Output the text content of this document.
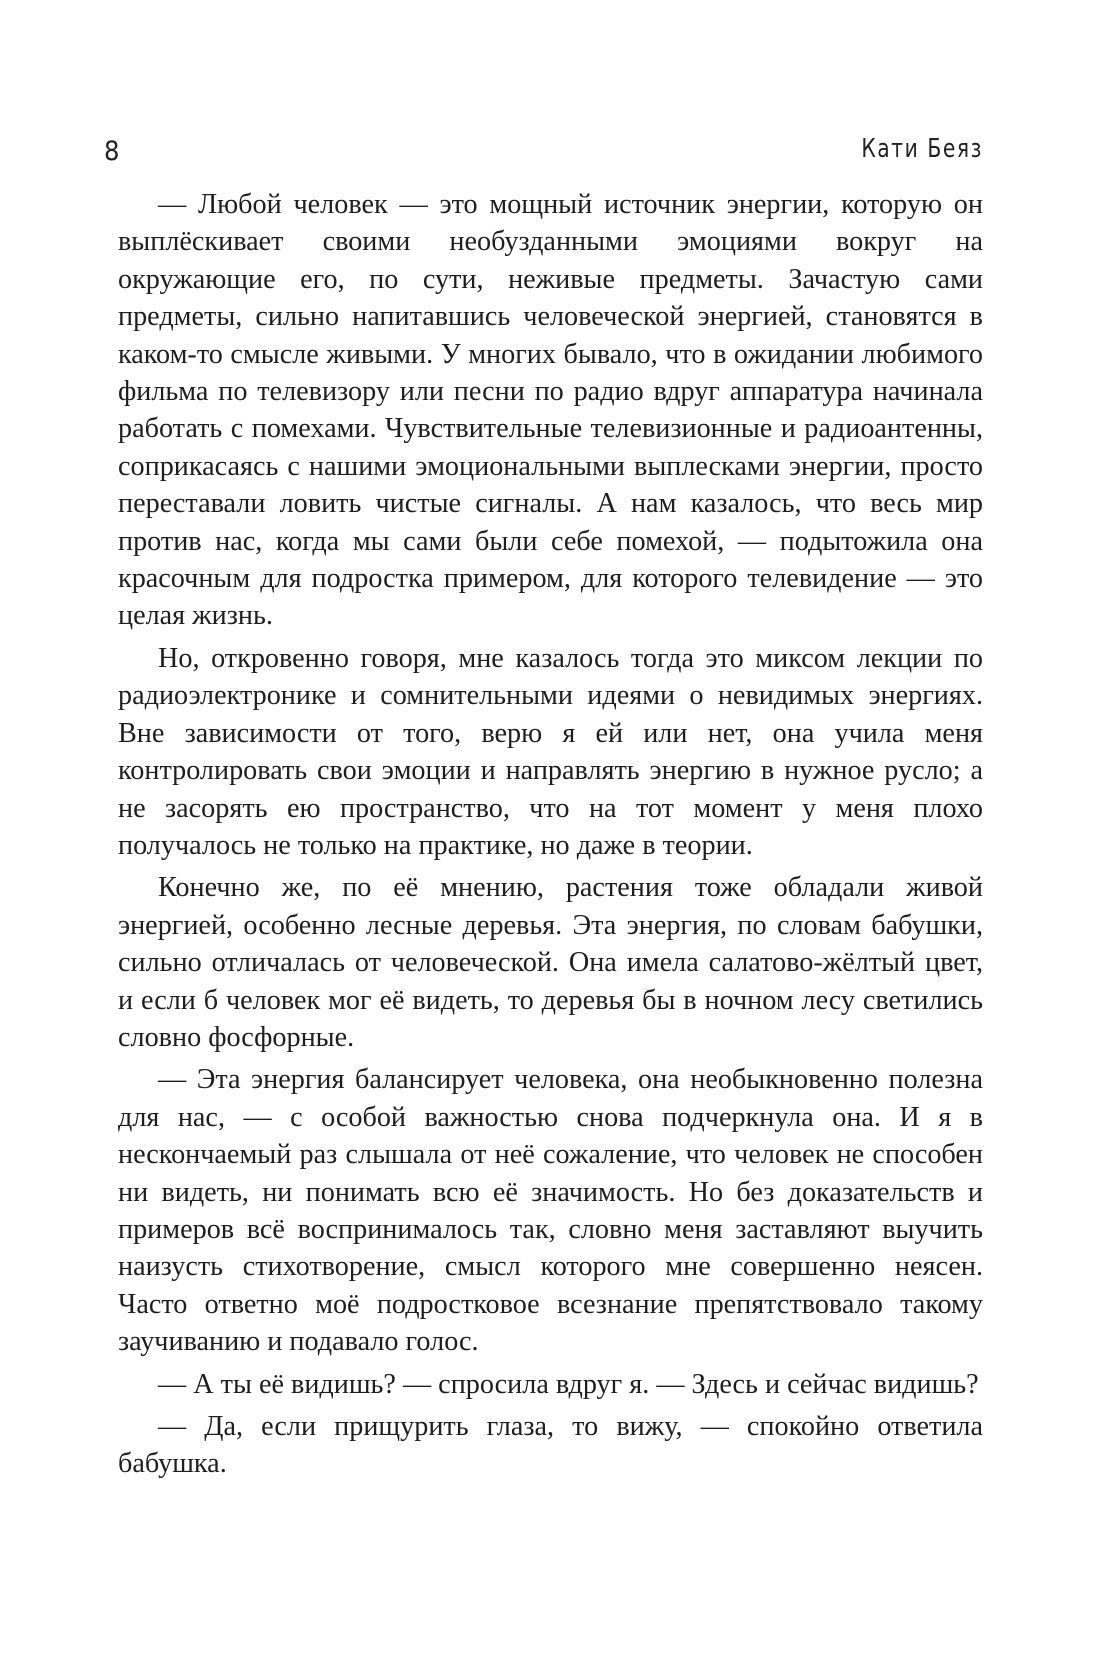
8	Кати Беяз

— Любой человек — это мощный источник энергии, которую он выплёскивает своими необузданными эмоциями вокруг на окружающие его, по сути, неживые предметы. Зачастую сами предметы, сильно напитавшись человеческой энергией, становятся в каком-то смысле живыми. У многих бывало, что в ожидании любимого фильма по телевизору или песни по радио вдруг аппаратура начинала работать с помехами. Чувствительные телевизионные и радиоантенны, соприкасаясь с нашими эмоциональными выплесками энергии, просто переставали ловить чистые сигналы. А нам казалось, что весь мир против нас, когда мы сами были себе помехой, — подытожила она красочным для подростка примером, для которого телевидение — это целая жизнь.

Но, откровенно говоря, мне казалось тогда это миксом лекции по радиоэлектронике и сомнительными идеями о невидимых энергиях. Вне зависимости от того, верю я ей или нет, она учила меня контролировать свои эмоции и направлять энергию в нужное русло; а не засорять ею пространство, что на тот момент у меня плохо получалось не только на практике, но даже в теории.

Конечно же, по её мнению, растения тоже обладали живой энергией, особенно лесные деревья. Эта энергия, по словам бабушки, сильно отличалась от человеческой. Она имела салатово-жёлтый цвет, и если б человек мог её видеть, то деревья бы в ночном лесу светились словно фосфорные.

— Эта энергия балансирует человека, она необыкновенно полезна для нас, — с особой важностью снова подчеркнула она. И я в нескончаемый раз слышала от неё сожаление, что человек не способен ни видеть, ни понимать всю её значимость. Но без доказательств и примеров всё воспринималось так, словно меня заставляют выучить наизусть стихотворение, смысл которого мне совершенно неясен. Часто ответно моё подростковое всезнание препятствовало такому заучиванию и подавало голос.

— А ты её видишь? — спросила вдруг я. — Здесь и сейчас видишь?

— Да, если прищурить глаза, то вижу, — спокойно ответила бабушка.
